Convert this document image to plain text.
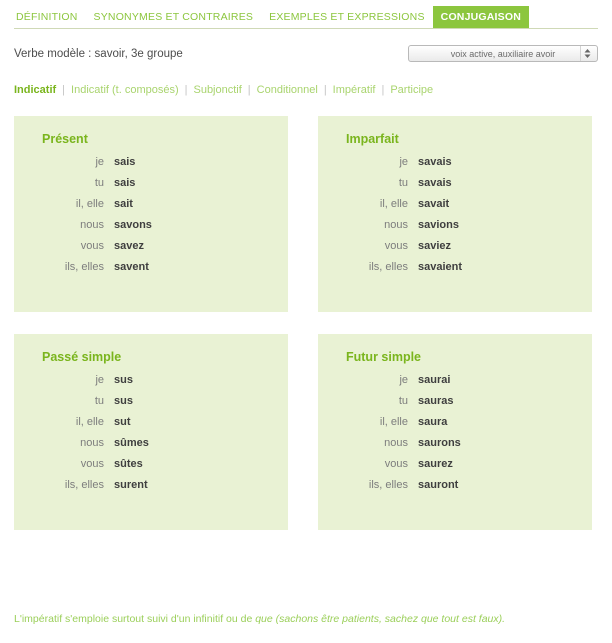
DÉFINITION	SYNONYMES ET CONTRAIRES	EXEMPLES ET EXPRESSIONS	CONJUGAISON
Verbe modèle : savoir, 3e groupe	voix active, auxiliaire avoir
Indicatif | Indicatif (t. composés) | Subjonctif | Conditionnel | Impératif | Participe
Présent
je sais
tu sais
il, elle sait
nous savons
vous savez
ils, elles savent
Imparfait
je savais
tu savais
il, elle savait
nous savions
vous saviez
ils, elles savaient
Passé simple
je sus
tu sus
il, elle sut
nous sûmes
vous sûtes
ils, elles surent
Futur simple
je saurai
tu sauras
il, elle saura
nous saurons
vous saurez
ils, elles sauront
L'impératif s'emploie surtout suivi d'un infinitif ou de que (sachons être patients, sachez que tout est faux).
